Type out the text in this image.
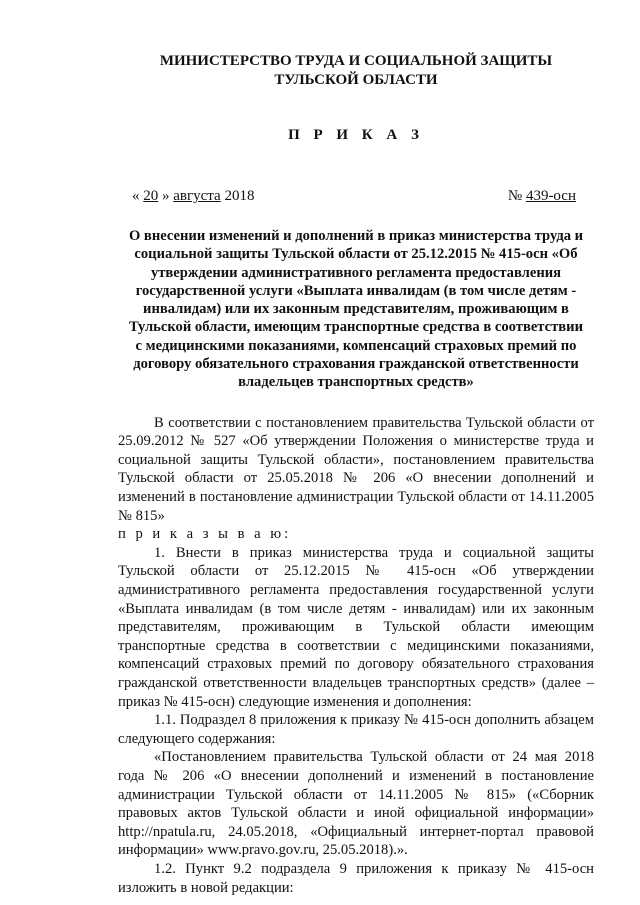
МИНИСТЕРСТВО ТРУДА И СОЦИАЛЬНОЙ ЗАЩИТЫ
ТУЛЬСКОЙ ОБЛАСТИ
П Р И К А З
« 20 » августа 2018	№ 439-осн
О внесении изменений и дополнений в приказ министерства труда и социальной защиты Тульской области от 25.12.2015 № 415-осн «Об утверждении административного регламента предоставления государственной услуги «Выплата инвалидам (в том числе детям - инвалидам) или их законным представителям, проживающим в Тульской области, имеющим транспортные средства в соответствии с медицинскими показаниями, компенсаций страховых премий по договору обязательного страхования гражданской ответственности владельцев транспортных средств»

В соответствии с постановлением правительства Тульской области от 25.09.2012 № 527 «Об утверждении Положения о министерстве труда и социальной защиты Тульской области», постановлением правительства Тульской области от 25.05.2018 № 206 «О внесении дополнений и изменений в постановление администрации Тульской области от 14.11.2005 № 815»

п р и к а з ы в а ю:

1. Внести в приказ министерства труда и социальной защиты Тульской области от 25.12.2015 № 415-осн «Об утверждении административного регламента предоставления государственной услуги «Выплата инвалидам (в том числе детям - инвалидам) или их законным представителям, проживающим в Тульской области имеющим транспортные средства в соответствии с медицинскими показаниями, компенсаций страховых премий по договору обязательного страхования гражданской ответственности владельцев транспортных средств» (далее – приказ № 415-осн) следующие изменения и дополнения:

1.1. Подраздел 8 приложения к приказу № 415-осн дополнить абзацем следующего содержания:

«Постановлением правительства Тульской области от 24 мая 2018 года № 206 «О внесении дополнений и изменений в постановление администрации Тульской области от 14.11.2005 № 815» («Сборник правовых актов Тульской области и иной официальной информации» http://npatula.ru, 24.05.2018, «Официальный интернет-портал правовой информации» www.pravo.gov.ru, 25.05.2018).».

1.2. Пункт 9.2 подраздела 9 приложения к приказу № 415-осн изложить в новой редакции:
